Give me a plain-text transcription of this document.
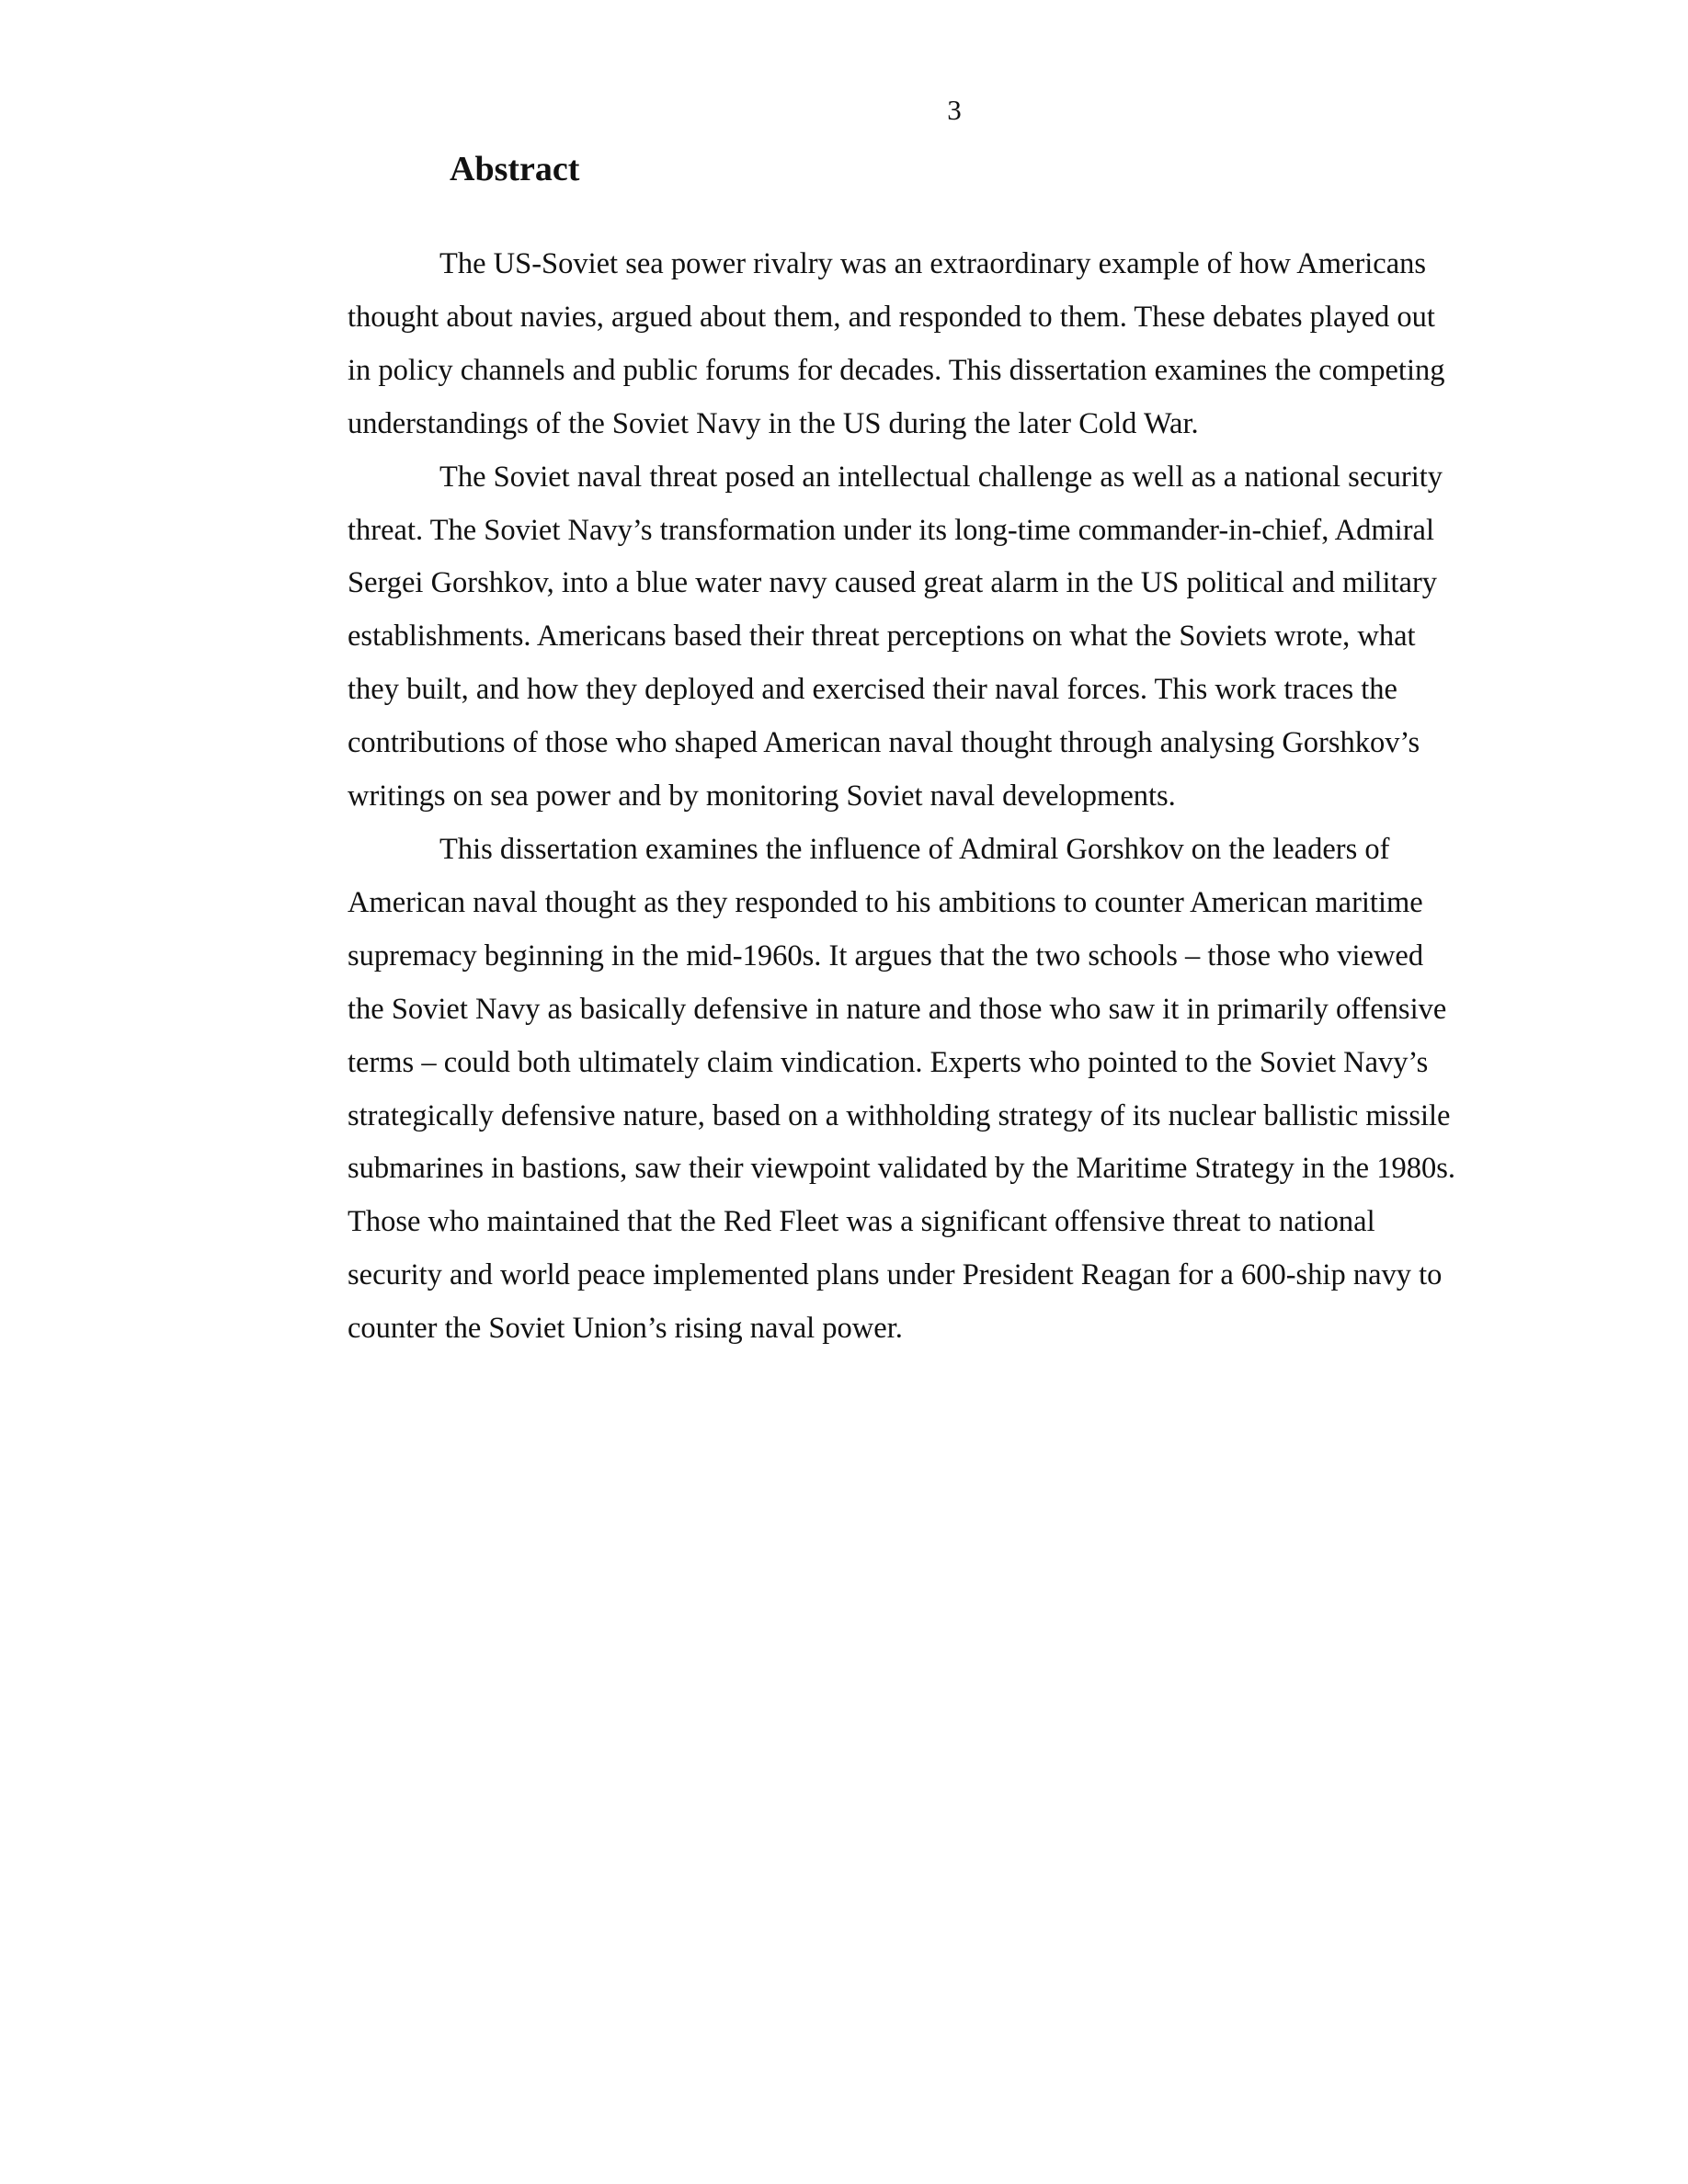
3
Abstract

The US-Soviet sea power rivalry was an extraordinary example of how Americans thought about navies, argued about them, and responded to them. These debates played out in policy channels and public forums for decades. This dissertation examines the competing understandings of the Soviet Navy in the US during the later Cold War.

The Soviet naval threat posed an intellectual challenge as well as a national security threat. The Soviet Navy’s transformation under its long-time commander-in-chief, Admiral Sergei Gorshkov, into a blue water navy caused great alarm in the US political and military establishments. Americans based their threat perceptions on what the Soviets wrote, what they built, and how they deployed and exercised their naval forces. This work traces the contributions of those who shaped American naval thought through analysing Gorshkov’s writings on sea power and by monitoring Soviet naval developments.

This dissertation examines the influence of Admiral Gorshkov on the leaders of American naval thought as they responded to his ambitions to counter American maritime supremacy beginning in the mid-1960s. It argues that the two schools – those who viewed the Soviet Navy as basically defensive in nature and those who saw it in primarily offensive terms – could both ultimately claim vindication. Experts who pointed to the Soviet Navy’s strategically defensive nature, based on a withholding strategy of its nuclear ballistic missile submarines in bastions, saw their viewpoint validated by the Maritime Strategy in the 1980s. Those who maintained that the Red Fleet was a significant offensive threat to national security and world peace implemented plans under President Reagan for a 600-ship navy to counter the Soviet Union’s rising naval power.
